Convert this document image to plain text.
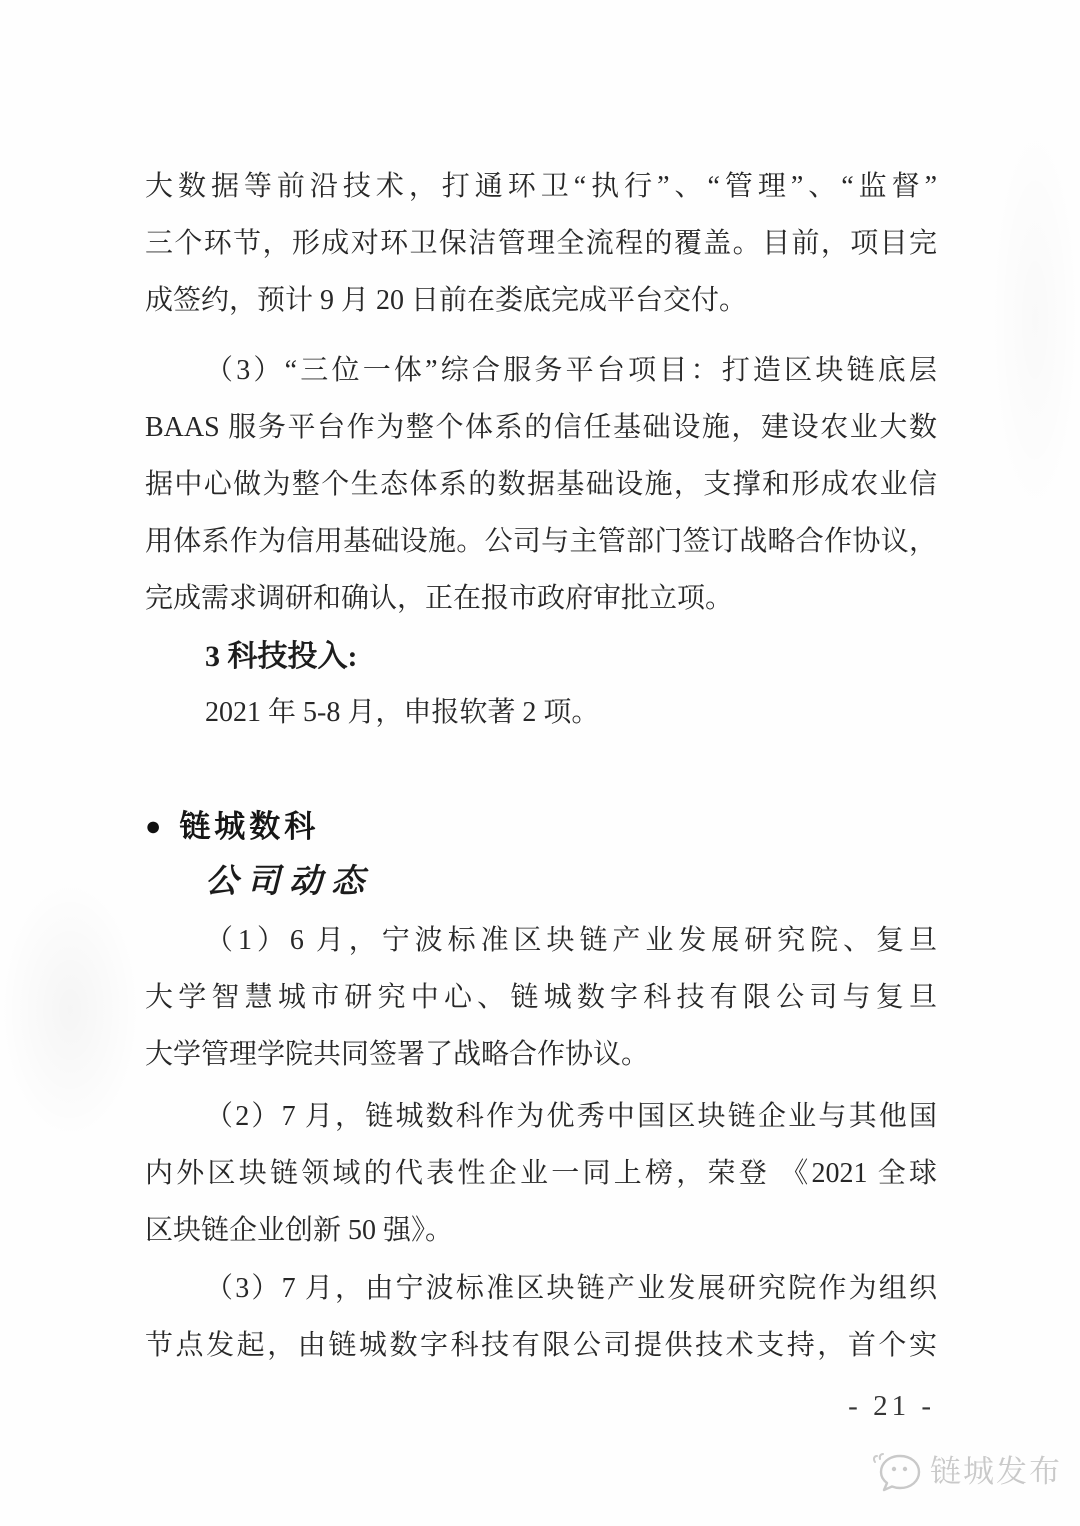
大数据等前沿技术，打通环卫“执行”、“管理”、“监督”
三个环节，形成对环卫保洁管理全流程的覆盖。目前，项目完
成签约，预计 9 月 20 日前在娄底完成平台交付。
（3）“三位一体”综合服务平台项目：打造区块链底层
BAAS 服务平台作为整个体系的信任基础设施，建设农业大数
据中心做为整个生态体系的数据基础设施，支撑和形成农业信
用体系作为信用基础设施。公司与主管部门签订战略合作协议，
完成需求调研和确认，正在报市政府审批立项。
3 科技投入:
2021 年 5-8 月，申报软著 2 项。
● 链城数科
公司动态
（1）6 月，宁波标准区块链产业发展研究院、复旦
大学智慧城市研究中心、链城数字科技有限公司与复旦
大学管理学院共同签署了战略合作协议。
（2）7 月，链城数科作为优秀中国区块链企业与其他国
内外区块链领域的代表性企业一同上榜，荣登 《2021 全球
区块链企业创新 50 强》。
（3）7 月，由宁波标准区块链产业发展研究院作为组织
节点发起，由链城数字科技有限公司提供技术支持，首个实
- 21 -
链城发布
